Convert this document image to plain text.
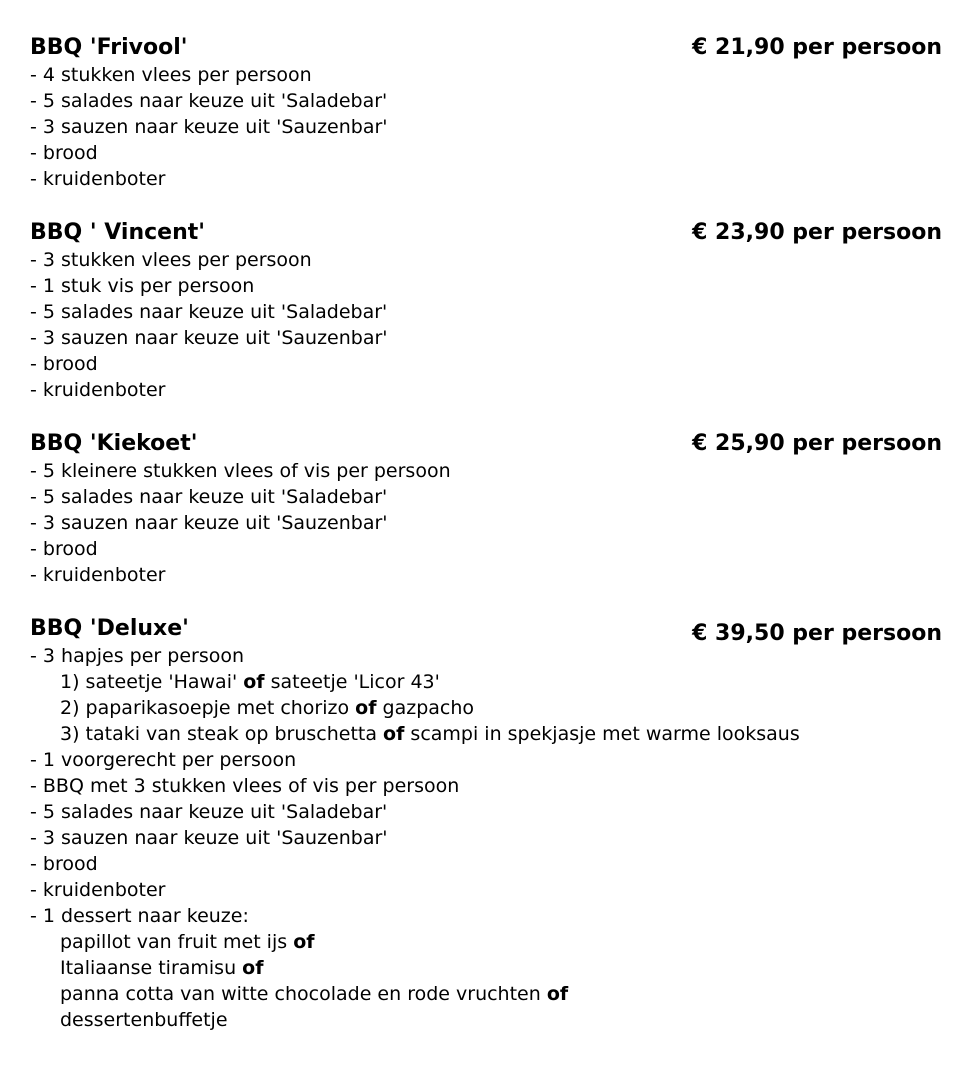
BBQ 'Frivool'	€ 21,90 per persoon
- 4 stukken vlees per persoon
- 5 salades naar keuze uit 'Saladebar'
- 3 sauzen naar keuze uit 'Sauzenbar'
- brood
- kruidenboter
BBQ ' Vincent'	€ 23,90 per persoon
- 3 stukken vlees per persoon
- 1 stuk vis per persoon
- 5 salades naar keuze uit 'Saladebar'
- 3 sauzen naar keuze uit 'Sauzenbar'
- brood
- kruidenboter
BBQ 'Kiekoet'	€ 25,90 per persoon
- 5 kleinere stukken vlees of vis per persoon
- 5 salades naar keuze uit 'Saladebar'
- 3 sauzen naar keuze uit 'Sauzenbar'
- brood
- kruidenboter
BBQ 'Deluxe'	€ 39,50 per persoon
- 3 hapjes per persoon
1) sateetje 'Hawai' of sateetje 'Licor 43'
2) paparikasoepje met chorizo of gazpacho
3) tataki van steak op bruschetta of scampi in spekjasje met warme looksaus
- 1 voorgerecht per persoon
- BBQ met 3 stukken vlees of vis per persoon
- 5 salades naar keuze uit 'Saladebar'
- 3 sauzen naar keuze uit 'Sauzenbar'
- brood
- kruidenboter
- 1 dessert naar keuze:
papillot van fruit met ijs of
Italiaanse tiramisu of
panna cotta van witte chocolade en rode vruchten of
dessertenbuffetje
